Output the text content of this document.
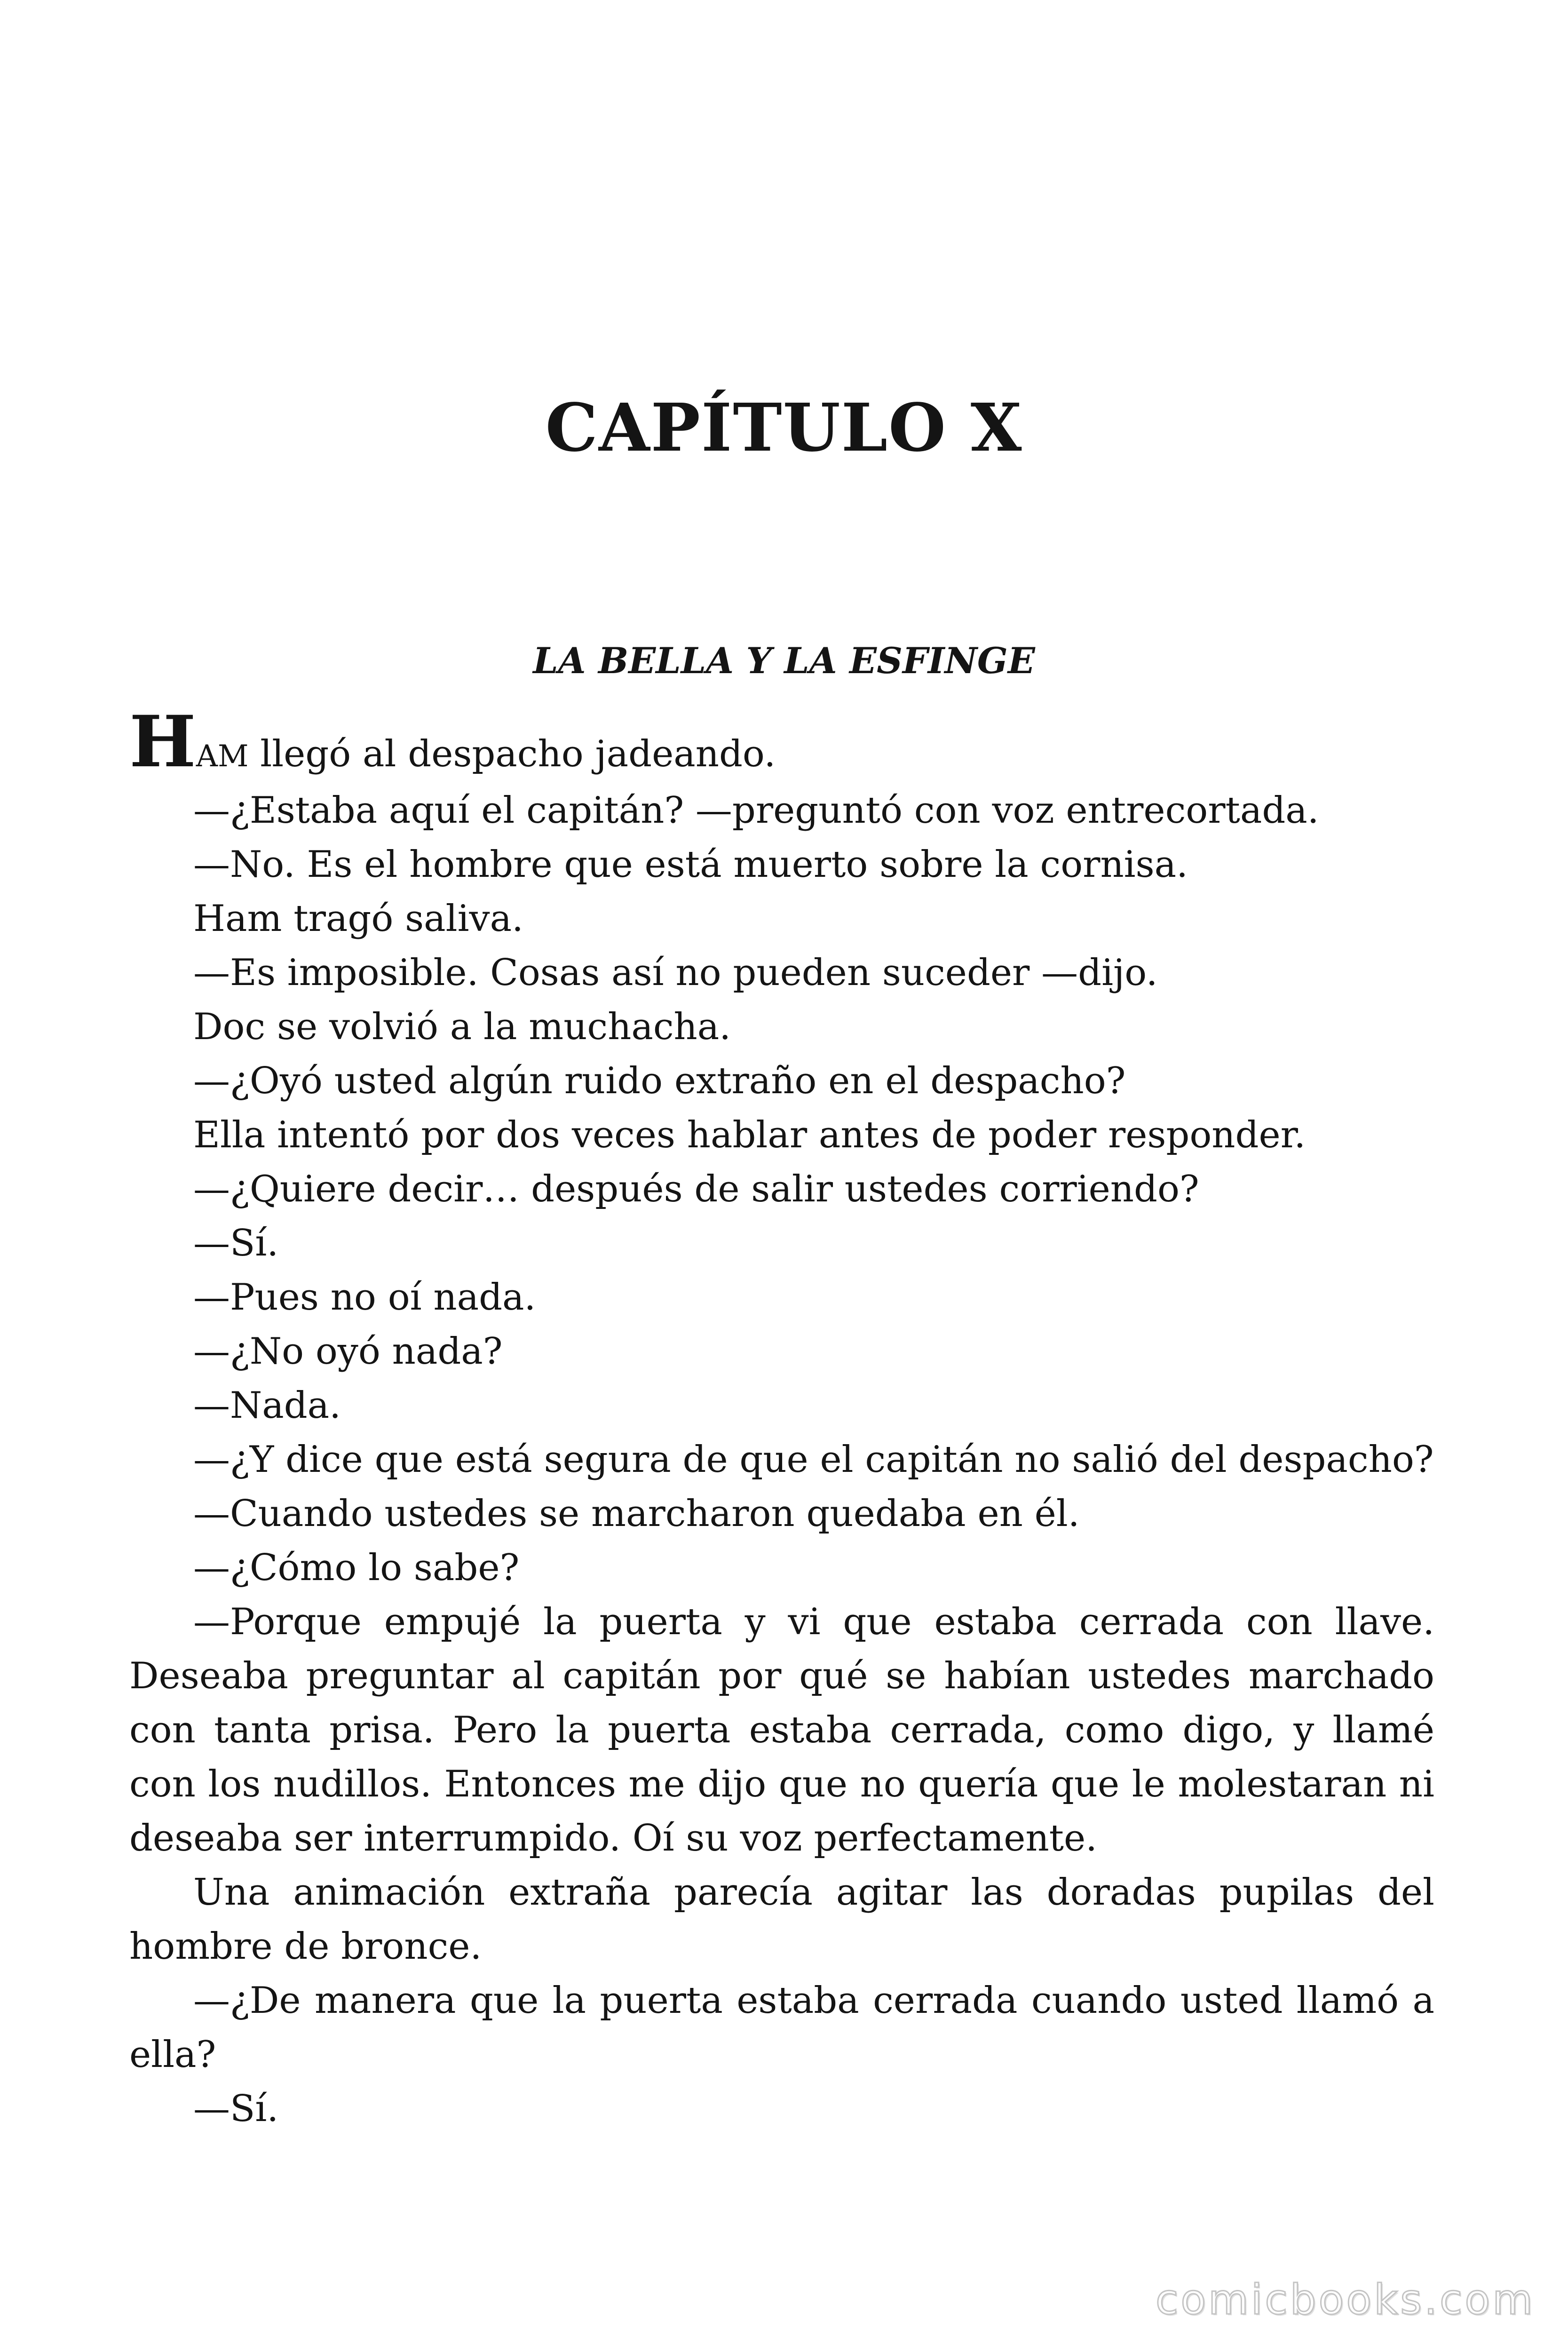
CAPÍTULO X
LA BELLA Y LA ESFINGE

HAM llegó al despacho jadeando.

—¿Estaba aquí el capitán? —preguntó con voz entrecortada.

—No. Es el hombre que está muerto sobre la cornisa.

Ham tragó saliva.

—Es imposible. Cosas así no pueden suceder —dijo.

Doc se volvió a la muchacha.

—¿Oyó usted algún ruido extraño en el despacho?

Ella intentó por dos veces hablar antes de poder responder.

—¿Quiere decir… después de salir ustedes corriendo?

—Sí.

—Pues no oí nada.

—¿No oyó nada?

—Nada.

—¿Y dice que está segura de que el capitán no salió del despacho?

—Cuando ustedes se marcharon quedaba en él.

—¿Cómo lo sabe?

—Porque empujé la puerta y vi que estaba cerrada con llave. Deseaba preguntar al capitán por qué se habían ustedes marchado con tanta prisa. Pero la puerta estaba cerrada, como digo, y llamé con los nudillos. Entonces me dijo que no quería que le molestaran ni deseaba ser interrumpido. Oí su voz perfectamente.

Una animación extraña parecía agitar las doradas pupilas del hombre de bronce.

—¿De manera que la puerta estaba cerrada cuando usted llamó a ella?

—Sí.

comicbooks.com
